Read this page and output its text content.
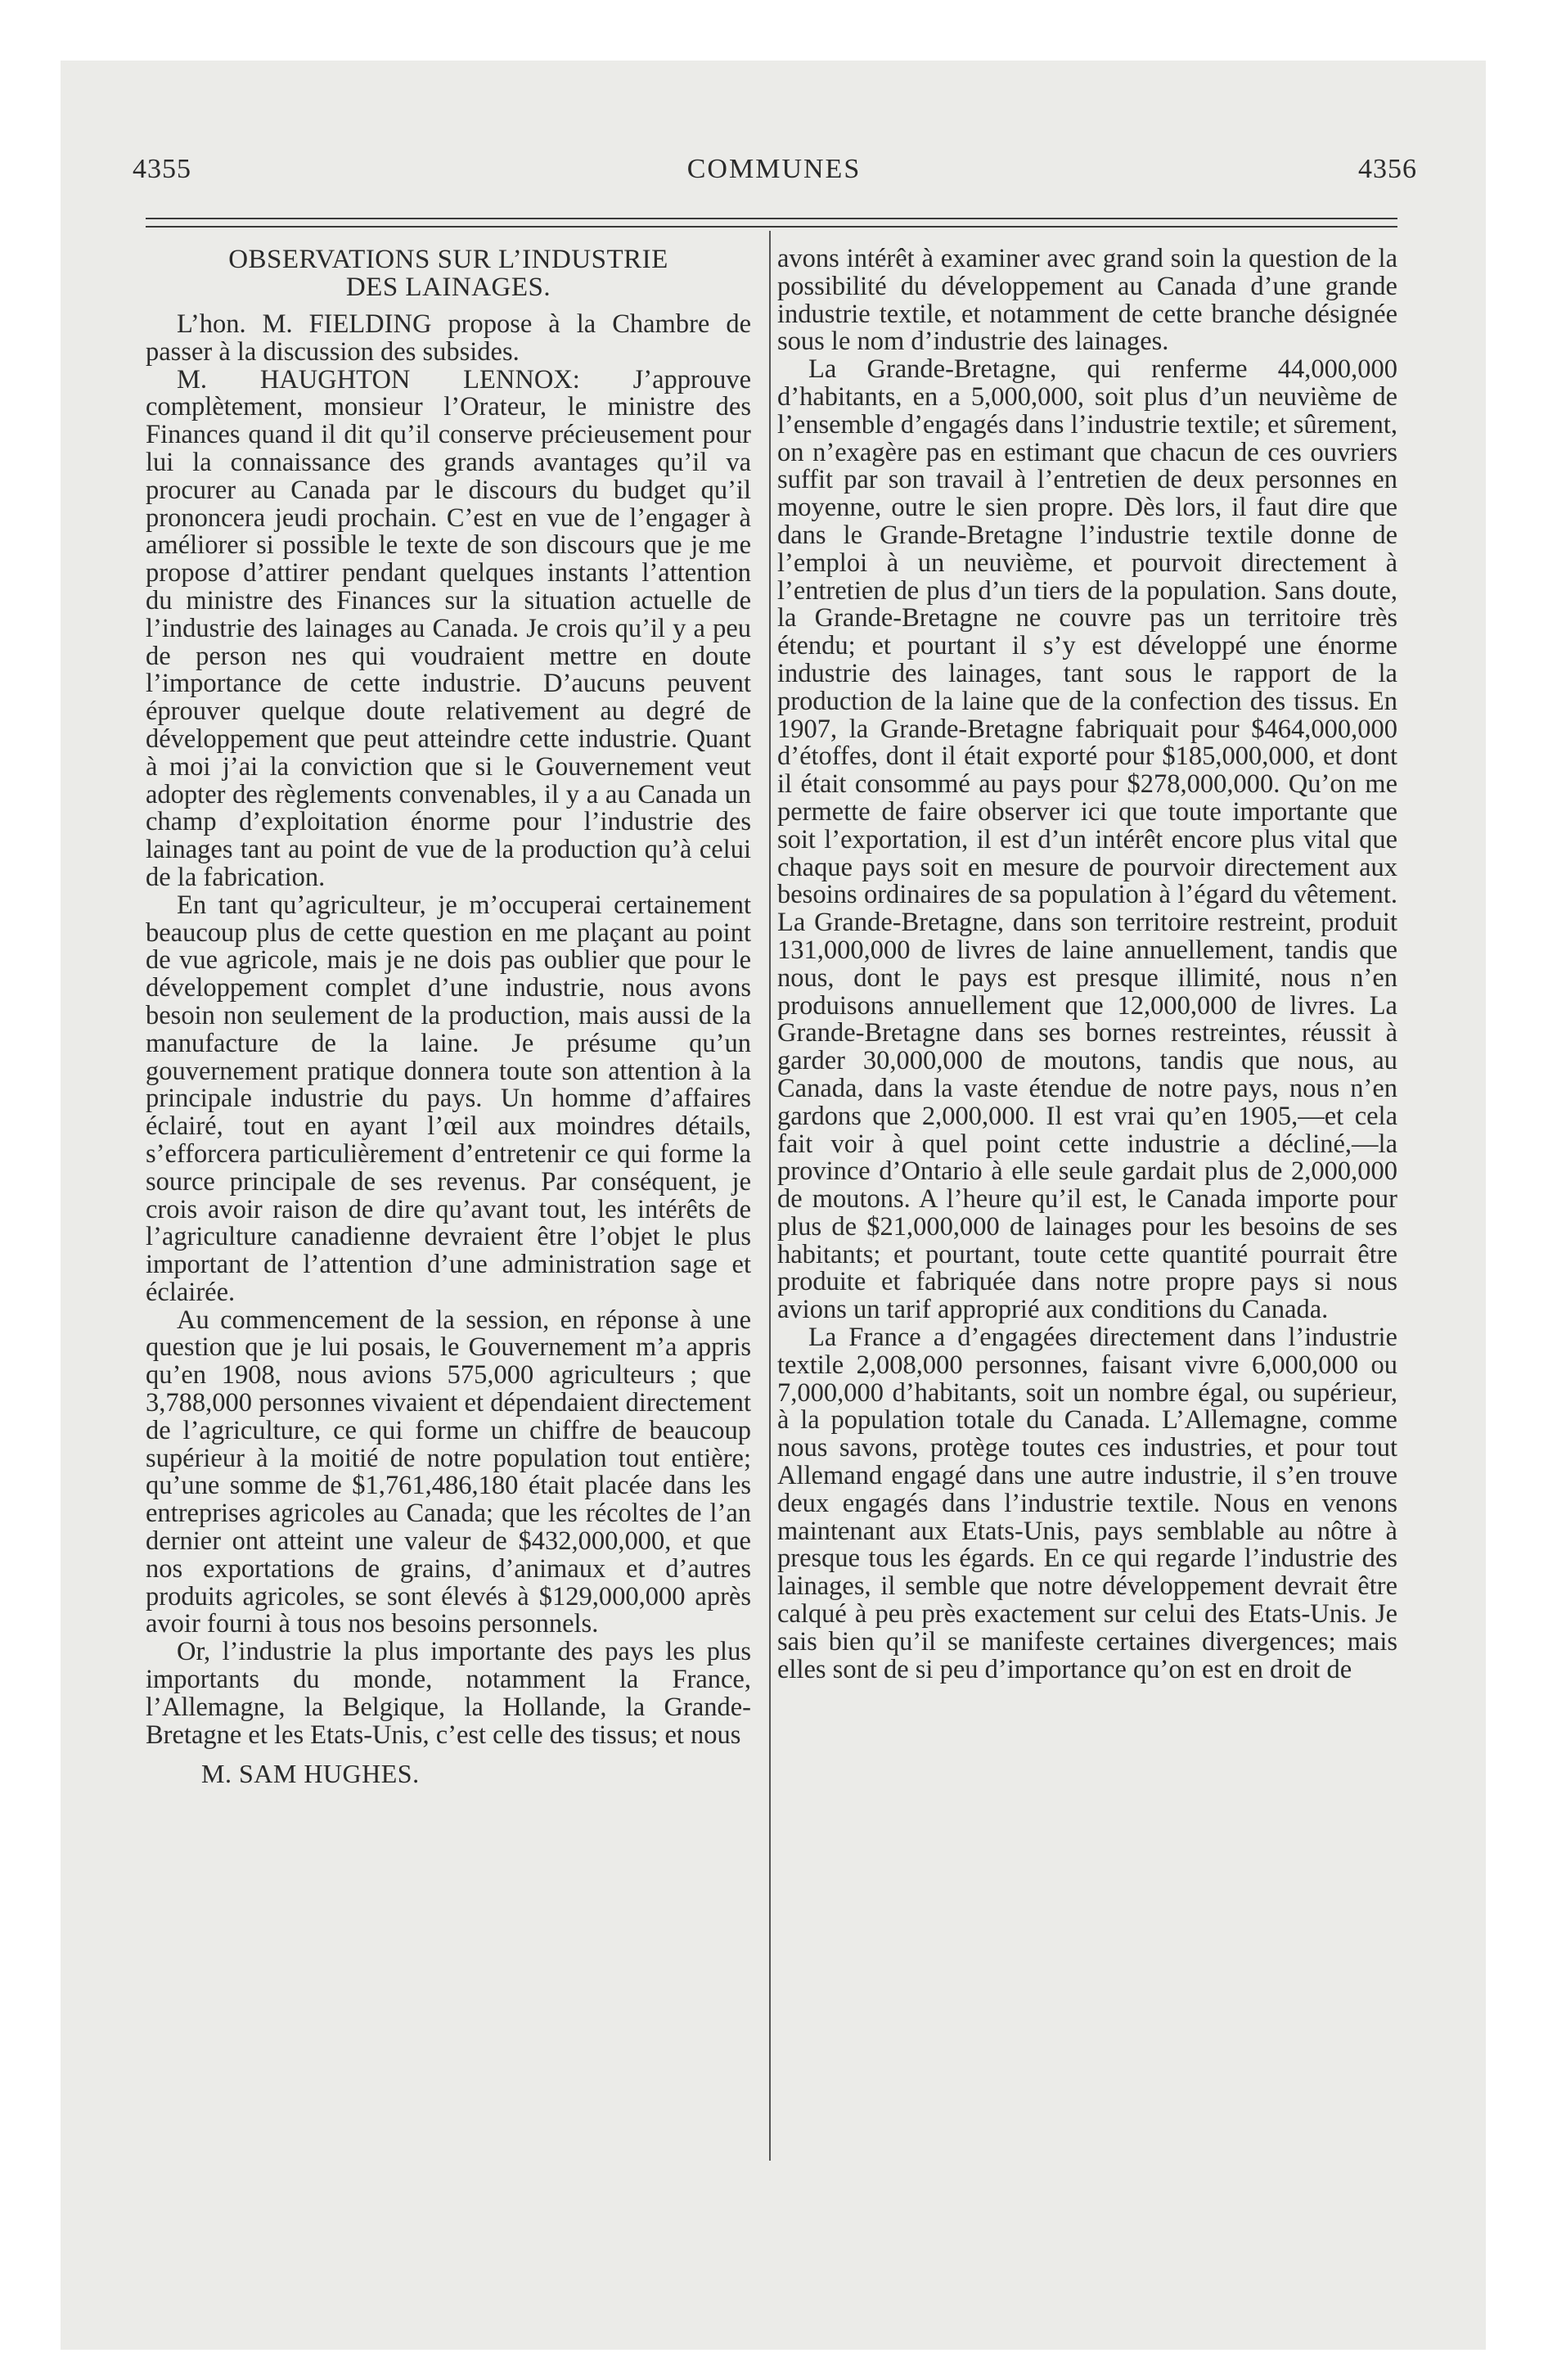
4355	COMMUNES	4356
OBSERVATIONS SUR L’INDUSTRIE
DES LAINAGES.

L’hon. M. FIELDING propose à la Chambre de passer à la discussion des subsides.

M. HAUGHTON LENNOX: J’approuve complètement, monsieur l’Orateur, le ministre des Finances quand il dit qu’il conserve précieusement pour lui la connaissance des grands avantages qu’il va procurer au Canada par le discours du budget qu’il prononcera jeudi prochain. C’est en vue de l’engager à améliorer si possible le texte de son discours que je me propose d’attirer pendant quelques instants l’attention du ministre des Finances sur la situation actuelle de l’industrie des lainages au Canada. Je crois qu’il y a peu de person nes qui voudraient mettre en doute l’importance de cette industrie. D’aucuns peuvent éprouver quelque doute relativement au degré de développement que peut atteindre cette industrie. Quant à moi j’ai la conviction que si le Gouvernement veut adopter des règlements convenables, il y a au Canada un champ d’exploitation énorme pour l’industrie des lainages tant au point de vue de la production qu’à celui de la fabrication.

En tant qu’agriculteur, je m’occuperai certainement beaucoup plus de cette question en me plaçant au point de vue agricole, mais je ne dois pas oublier que pour le développement complet d’une industrie, nous avons besoin non seulement de la production, mais aussi de la manufacture de la laine. Je présume qu’un gouvernement pratique donnera toute son attention à la principale industrie du pays. Un homme d’affaires éclairé, tout en ayant l’œil aux moindres détails, s’efforcera particulièrement d’entretenir ce qui forme la source principale de ses revenus. Par conséquent, je crois avoir raison de dire qu’avant tout, les intérêts de l’agriculture canadienne devraient être l’objet le plus important de l’attention d’une administration sage et éclairée.

Au commencement de la session, en réponse à une question que je lui posais, le Gouvernement m’a appris qu’en 1908, nous avions 575,000 agriculteurs ; que 3,788,000 personnes vivaient et dépendaient directement de l’agriculture, ce qui forme un chiffre de beaucoup supérieur à la moitié de notre population tout entière; qu’une somme de $1,761,486,180 était placée dans les entreprises agricoles au Canada; que les récoltes de l’an dernier ont atteint une valeur de $432,000,000, et que nos exportations de grains, d’animaux et d’autres produits agricoles, se sont élevés à $129,000,000 après avoir fourni à tous nos besoins personnels.

Or, l’industrie la plus importante des pays les plus importants du monde, notamment la France, l’Allemagne, la Belgique, la Hollande, la Grande-Bretagne et les Etats-Unis, c’est celle des tissus; et nous

M. SAM HUGHES.

avons intérêt à examiner avec grand soin la question de la possibilité du développement au Canada d’une grande industrie textile, et notamment de cette branche désignée sous le nom d’industrie des lainages.

La Grande-Bretagne, qui renferme 44,000,000 d’habitants, en a 5,000,000, soit plus d’un neuvième de l’ensemble d’engagés dans l’industrie textile; et sûrement, on n’exagère pas en estimant que chacun de ces ouvriers suffit par son travail à l’entretien de deux personnes en moyenne, outre le sien propre. Dès lors, il faut dire que dans le Grande-Bretagne l’industrie textile donne de l’emploi à un neuvième, et pourvoit directement à l’entretien de plus d’un tiers de la population. Sans doute, la Grande-Bretagne ne couvre pas un territoire très étendu; et pourtant il s’y est développé une énorme industrie des lainages, tant sous le rapport de la production de la laine que de la confection des tissus. En 1907, la Grande-Bretagne fabriquait pour $464,000,000 d’étoffes, dont il était exporté pour $185,000,000, et dont il était consommé au pays pour $278,000,000. Qu’on me permette de faire observer ici que toute importante que soit l’exportation, il est d’un intérêt encore plus vital que chaque pays soit en mesure de pourvoir directement aux besoins ordinaires de sa population à l’égard du vêtement. La Grande-Bretagne, dans son territoire restreint, produit 131,000,000 de livres de laine annuellement, tandis que nous, dont le pays est presque illimité, nous n’en produisons annuellement que 12,000,000 de livres. La Grande-Bretagne dans ses bornes restreintes, réussit à garder 30,000,000 de moutons, tandis que nous, au Canada, dans la vaste étendue de notre pays, nous n’en gardons que 2,000,000. Il est vrai qu’en 1905,—et cela fait voir à quel point cette industrie a décliné,—la province d’Ontario à elle seule gardait plus de 2,000,000 de moutons. A l’heure qu’il est, le Canada importe pour plus de $21,000,000 de lainages pour les besoins de ses habitants; et pourtant, toute cette quantité pourrait être produite et fabriquée dans notre propre pays si nous avions un tarif approprié aux conditions du Canada.

La France a d’engagées directement dans l’industrie textile 2,008,000 personnes, faisant vivre 6,000,000 ou 7,000,000 d’habitants, soit un nombre égal, ou supérieur, à la population totale du Canada. L’Allemagne, comme nous savons, protège toutes ces industries, et pour tout Allemand engagé dans une autre industrie, il s’en trouve deux engagés dans l’industrie textile. Nous en venons maintenant aux Etats-Unis, pays semblable au nôtre à presque tous les égards. En ce qui regarde l’industrie des lainages, il semble que notre développement devrait être calqué à peu près exactement sur celui des Etats-Unis. Je sais bien qu’il se manifeste certaines divergences; mais elles sont de si peu d’importance qu’on est en droit de
